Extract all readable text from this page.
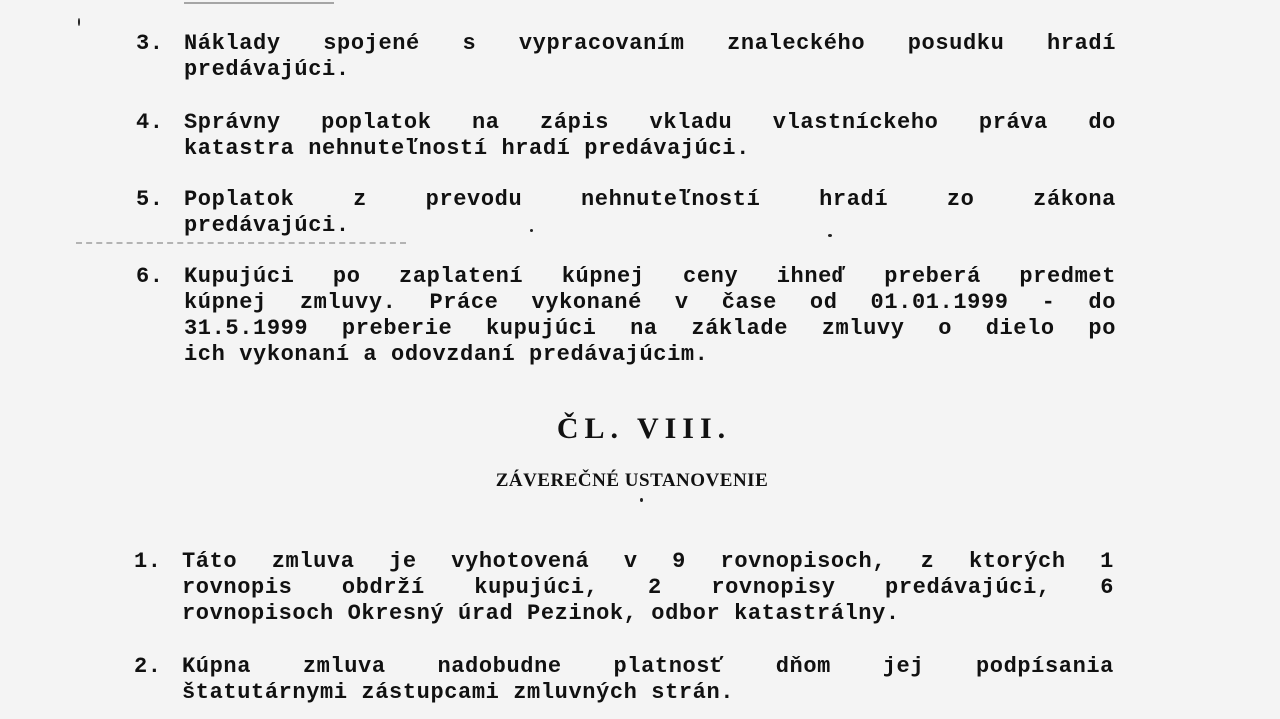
3. Náklady spojené s vypracovaním znaleckého posudku hradí
predávajúci.
4. Správny poplatok na zápis vkladu vlastníckeho práva do
katastra nehnuteľností hradí predávajúci.
5. Poplatok z prevodu nehnuteľností hradí zo zákona
predávajúci.
6. Kupujúci po zaplatení kúpnej ceny ihneď preberá predmet
kúpnej zmluvy. Práce vykonané v čase od 01.01.1999 - do
31.5.1999 preberie kupujúci na základe zmluvy o dielo po
ich vykonaní a odovzdaní predávajúcim.
ČL. VIII.
ZÁVEREČNÉ USTANOVENIE
1. Táto zmluva je vyhotovená v 9 rovnopisoch, z ktorých 1
rovnopis obdrží kupujúci, 2 rovnopisy predávajúci, 6
rovnopisoch Okresný úrad Pezinok, odbor katastrálny.
2. Kúpna zmluva nadobudne platnosť dňom jej podpísania
štatutárnymi zástupcami zmluvných strán.
